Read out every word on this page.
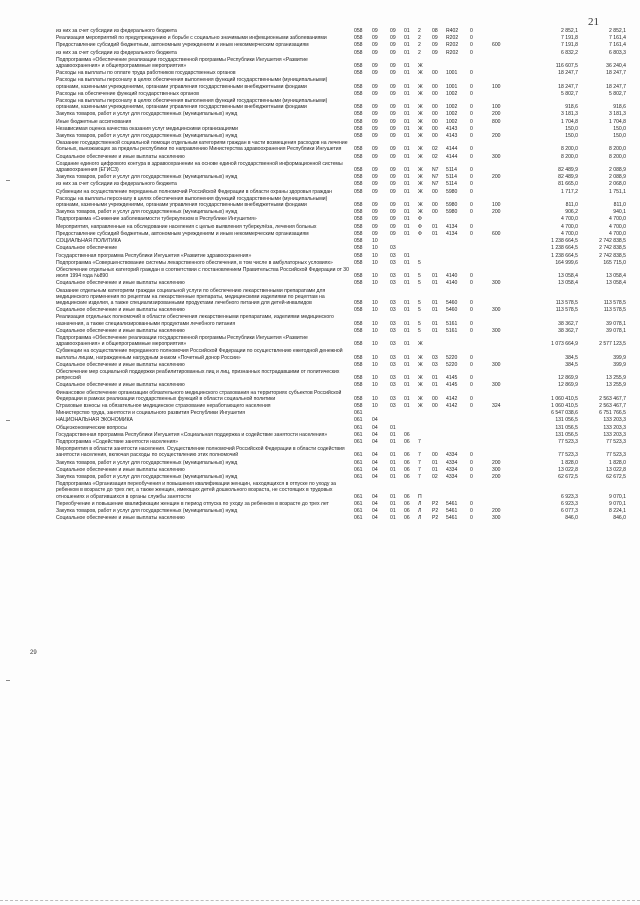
21
29
из них за счет субсидии из федерального бюджета	058	09	09	01	2	08	R402	0	2 852,1	2 852,1
Реализация мероприятий по предупреждению и борьбе с социально значимыми инфекционными заболеваниями	058	09	09	01	2	09	R202	0	7 191,8	7 161,4
Предоставление субсидий бюджетным, автономным учреждениям и иным некоммерческим организациям	058	09	09	01	2	09	R202	0	600	7 191,8	7 161,4
из них за счет субсидии из федерального бюджета	058	09	09	01	2	09	R202	0	6 832,2	6 803,3
Подпрограмма «Обеспечение реализации государственной программы Республики Ингушетия «Развитие здравоохранения» и общепрограммные мероприятия»	058	09	09	01	Ж	116 607,5	36 240,4
Расходы на выплаты по оплате труда работников государственных органов	058	09	09	01	Ж	00	1001	0	18 247,7	18 247,7
Расходы на выплаты персоналу в целях обеспечения выполнения функций государственными (муниципальными) органами, казенными учреждениями, органами управления государственными внебюджетными фондами	058	09	09	01	Ж	00	1001	0	100	18 247,7	18 247,7
Расходы на обеспечение функций государственных органов	058	09	09	01	Ж	00	1002	0	5 802,7	5 802,7
Расходы на выплаты персоналу в целях обеспечения выполнения функций государственными (муниципальными) органами, казенными учреждениями, органами управления государственными внебюджетными фондами	058	09	09	01	Ж	00	1002	0	100	918,6	918,6
Закупка товаров, работ и услуг для государственных (муниципальных) нужд	058	09	09	01	Ж	00	1002	0	200	3 181,3	3 181,3
Иные бюджетные ассигнования	058	09	09	01	Ж	00	1002	0	800	1 704,8	1 704,8
Независимая оценка качества оказания услуг медицинскими организациями	058	09	09	01	Ж	00	4143	0	150,0	150,0
Закупка товаров, работ и услуг для государственных (муниципальных) нужд	058	09	09	01	Ж	00	4143	0	200	150,0	150,0
Оказание государственной социальной помощи отдельным категориям граждан в части возмещения расходов на лечение больных, выезжающих за пределы республики по направлению Министерства здравоохранения Республики Ингушетия	058	09	09	01	Ж	02	4144	0	8 200,0	8 200,0
Социальное обеспечение и иные выплаты населению	058	09	09	01	Ж	02	4144	0	300	8 200,0	8 200,0
Создание единого цифрового контура в здравоохранении на основе единой государственной информационной системы здравоохранения (ЕГИСЗ)	058	09	09	01	Ж	N7	5114	0	82 489,9	2 088,9
Закупка товаров, работ и услуг для государственных (муниципальных) нужд	058	09	09	01	Ж	N7	5114	0	200	82 489,9	2 088,9
из них за счет субсидии из федерального бюджета	058	09	09	01	Ж	N7	5114	0	81 665,0	2 068,0
Субвенции на осуществление переданных полномочий Российской Федерации в области охраны здоровья граждан	058	09	09	01	Ж	00	5980	0	1 717,2	1 751,1
Расходы на выплаты персоналу в целях обеспечения выполнения функций государственными (муниципальными) органами, казенными учреждениями, органами управления государственными внебюджетными фондами	058	09	09	01	Ж	00	5980	0	100	811,0	811,0
Закупка товаров, работ и услуг для государственных (муниципальных) нужд	058	09	09	01	Ж	00	5980	0	200	906,2	940,1
Подпрограмма «Снижение заболеваемости туберкулезом в Республике Ингушетия»	058	09	09	01	Ф	4 700,0	4 700,0
Мероприятия, направленные на обследование населения с целью выявления туберкулёза, лечения больных	058	09	09	01	Ф	01	4134	0	4 700,0	4 700,0
Предоставление субсидий бюджетным, автономным учреждениям и иным некоммерческим организациям	058	09	09	01	Ф	01	4134	0	600	4 700,0	4 700,0
СОЦИАЛЬНАЯ ПОЛИТИКА	058	10	1 238 664,5	2 742 838,5
Социальное обеспечение	058	10	03	1 238 664,5	2 742 838,5
Государственная программа Республики Ингушетия «Развитие здравоохранения»	058	10	03	01	1 238 664,5	2 742 838,5
Подпрограмма «Совершенствование системы лекарственного обеспечения, в том числе в амбулаторных условиях»	058	10	03	01	5	164 999,6	165 715,0
Обеспечение отдельных категорий граждан в соответствии с постановлением Правительства Российской Федерации от 30 июля 1994 года №890	058	10	03	01	5	01	4140	0	13 058,4	13 058,4
Социальное обеспечение и иные выплаты населению	058	10	03	01	5	01	4140	0	300	13 058,4	13 058,4
Оказание отдельным категориям граждан социальной услуги по обеспечению лекарственными препаратами для медицинского применения по рецептам на лекарственные препараты, медицинскими изделиями по рецептам на медицинские изделия, а также специализированными продуктами лечебного питания для детей-инвалидов	058	10	03	01	5	01	5460	0	113 578,5	113 578,5
Социальное обеспечение и иные выплаты населению	058	10	03	01	5	01	5460	0	300	113 578,5	113 578,5
Реализация отдельных полномочий в области обеспечения лекарственными препаратами, изделиями медицинского назначения, а также специализированными продуктами лечебного питания	058	10	03	01	5	01	5161	0	38 362,7	39 078,1
Социальное обеспечение и иные выплаты населению	058	10	03	01	5	01	5161	0	300	38 362,7	39 078,1
Подпрограмма «Обеспечение реализации государственной программы Республики Ингушетия «Развитие здравоохранения» и общепрограммные мероприятия»	058	10	03	01	Ж	1 073 664,9	2 577 123,5
Субвенции на осуществление переданного полномочия Российской Федерации по осуществлению ежегодной денежной выплаты лицам, награжденным нагрудным знаком «Почетный донор России»	058	10	03	01	Ж	03	5220	0	384,5	399,9
Социальное обеспечение и иные выплаты населению	058	10	03	01	Ж	03	5220	0	300	384,5	399,9
Обеспечение мер социальной поддержки реабилитированных лиц и лиц, признанных пострадавшими от политических репрессий	058	10	03	01	Ж	01	4145	0	12 869,9	13 255,9
Социальное обеспечение и иные выплаты населению	058	10	03	01	Ж	01	4145	0	300	12 869,9	13 255,9
Финансовое обеспечение организации обязательного медицинского страхования на территориях субъектов Российской Федерации в рамках реализации государственных функций в области социальной политики	058	10	03	01	Ж	00	4142	0	1 060 410,5	2 563 467,7
Страховые взносы на обязательное медицинское страхование неработающего населения	058	10	03	01	Ж	00	4142	0	324	1 060 410,5	2 563 467,7
Министерство труда, занятости и социального развития Республики Ингушетия	061	6 547 038,6	6 751 766,5
НАЦИОНАЛЬНАЯ ЭКОНОМИКА	061	04	131 056,5	133 203,3
Общеэкономические вопросы	061	04	01	131 056,5	133 203,3
Государственная программа Республики Ингушетия «Социальная поддержка и содействие занятости населения»	061	04	01	06	131 056,5	133 203,3
Подпрограмма «Содействие занятости населения»	061	04	01	06	7	77 523,3	77 523,3
Мероприятия в области занятости населения. Осуществление полномочий Российской Федерации в области содействия занятости населения, включая расходы по осуществлению этих полномочий	061	04	01	06	7	00	4334	0	77 523,3	77 523,3
Закупка товаров, работ и услуг для государственных (муниципальных) нужд	061	04	01	06	7	01	4334	0	200	1 828,0	1 828,0
Социальное обеспечение и иные выплаты населению	061	04	01	06	7	01	4334	0	300	13 022,8	13 022,8
Закупка товаров, работ и услуг для государственных (муниципальных) нужд	061	04	01	06	7	02	4334	0	200	62 672,5	62 672,5
Подпрограмма «Организация переобучения и повышения квалификации женщин, находящихся в отпуске по уходу за ребенком в возрасте до трех лет, а также женщин, имеющих детей дошкольного возраста, не состоящих в трудовых отношениях и обратившихся в органы службы занятости	061	04	01	06	П	6 923,3	9 070,1
Переобучение и повышение квалификации женщин в период отпуска по уходу за ребенком в возрасте до трех лет	061	04	01	06	Л	P2	5461	0	6 923,3	9 070,1
Закупка товаров, работ и услуг для государственных (муниципальных) нужд	061	04	01	06	Л	P2	5461	0	200	6 077,3	8 224,1
Социальное обеспечение и иные выплаты населению	061	04	01	06	Л	P2	5461	0	300	846,0	846,0
